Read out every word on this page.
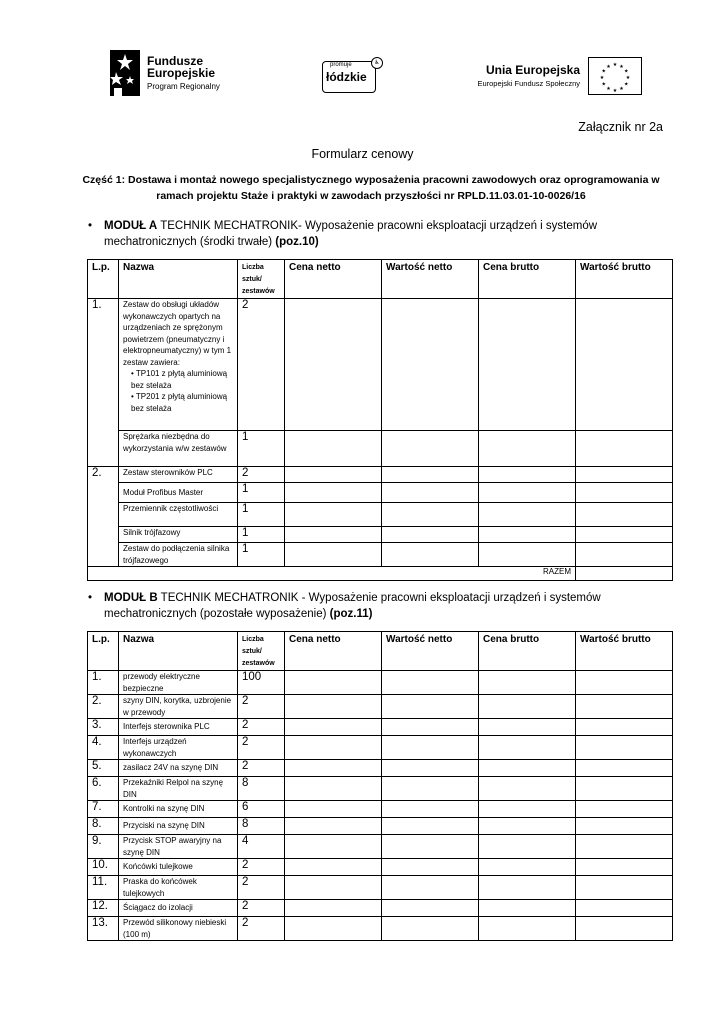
Fundusze
Europejskie
Program Regionalny
promuje
łódzkie
♿	Unia Europejska
Europejski Fundusz Społeczny
★ ★
★
★
★
★
★
★
★
★
★
★
Załącznik nr 2a
Formularz cenowy
Część 1: Dostawa i montaż nowego specjalistycznego wyposażenia pracowni zawodowych oraz oprogramowania w ramach projektu Staże i praktyki w zawodach przyszłości nr RPLD.11.03.01-10-0026/16
• MODUŁ A TECHNIK MECHATRONIK- Wyposażenie pracowni eksploatacji urządzeń i systemów mechatronicznych (środki trwałe) (poz.10)
L.p.	Nazwa	Liczba sztuk/ zestawów	Cena netto	Wartość netto	Cena brutto	Wartość brutto
1.	Zestaw do obsługi układów wykonawczych opartych na urządzeniach ze sprężonym powietrzem (pneumatyczny i elektropneumatyczny) w tym 1 zestaw zawiera:
• TP101 z płytą aluminiową bez stelaża
• TP201 z płytą aluminiową bez stelaża	2				
	Sprężarka niezbędna do wykorzystania w/w zestawów	1				
2.	Zestaw sterowników PLC	2				
	Moduł Profibus Master	1				
	Przemiennik częstotliwości	1				
	Silnik trójfazowy	1				
	Zestaw do podłączenia silnika trójfazowego	1				
RAZEM						
• MODUŁ B TECHNIK MECHATRONIK - Wyposażenie pracowni eksploatacji urządzeń i systemów mechatronicznych (pozostałe wyposażenie) (poz.11)
L.p.	Nazwa	Liczba sztuk/ zestawów	Cena netto	Wartość netto	Cena brutto	Wartość brutto
1.	przewody elektryczne bezpieczne	100				
2.	szyny DIN, korytka, uzbrojenie w przewody	2				
3.	Interfejs sterownika PLC	2				
4.	Interfejs urządzeń wykonawczych	2				
5.	zasilacz 24V na szynę DIN	2				
6.	Przekaźniki Relpol na szynę DIN	8				
7.	Kontrolki na szynę DIN	6				
8.	Przyciski na szynę DIN	8				
9.	Przycisk STOP awaryjny na szynę DIN	4				
10.	Końcówki tulejkowe	2				
11.	Praska do końcówek tulejkowych	2				
12.	Ściągacz do izolacji	2				
13.	Przewód silikonowy niebieski (100 m)	2				
